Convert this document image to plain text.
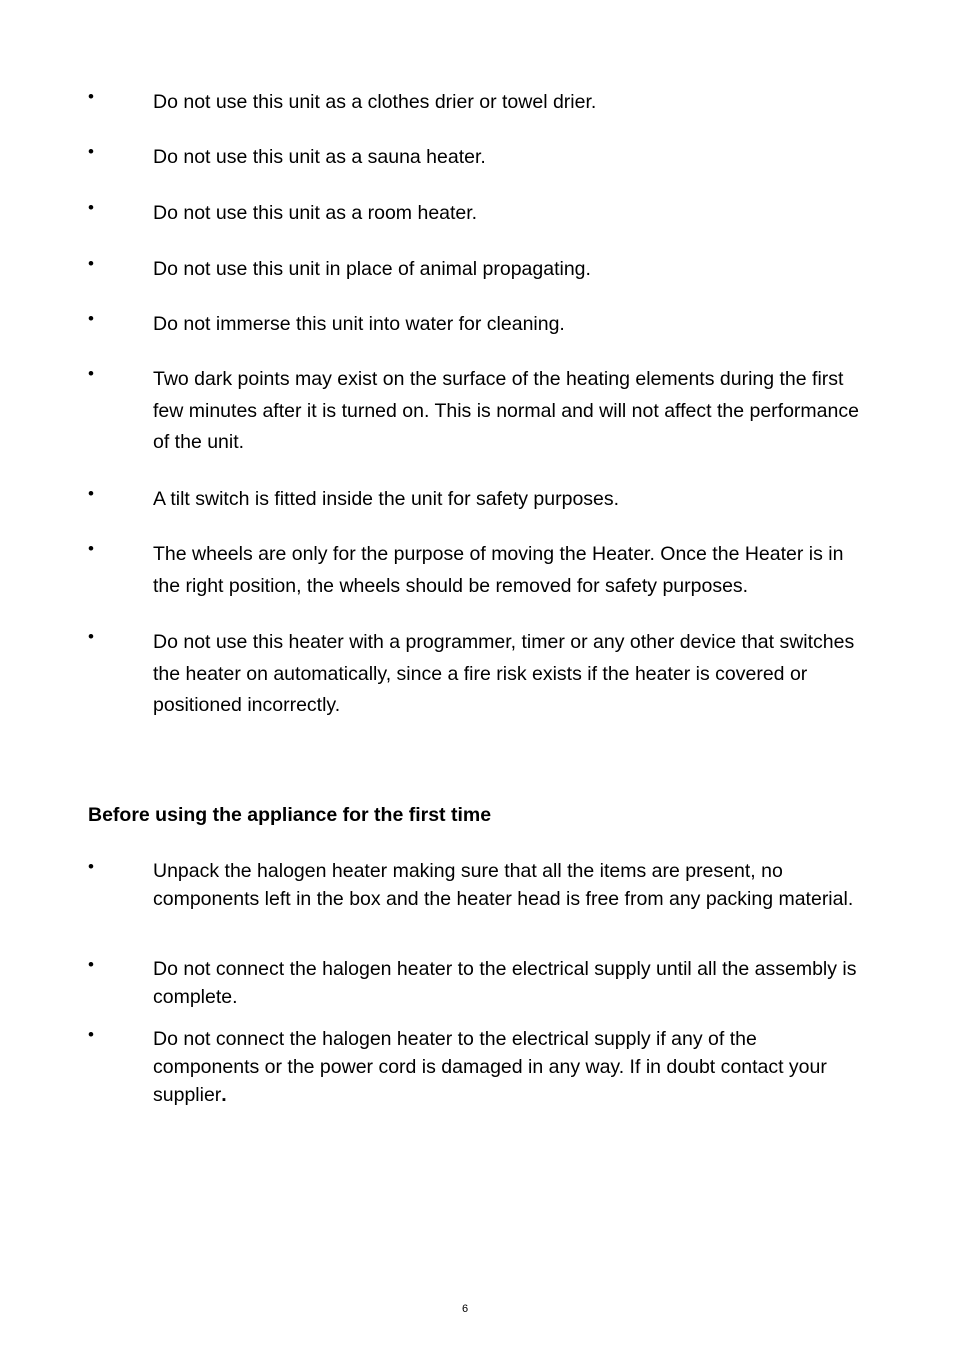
•	Do not use this unit as a clothes drier or towel drier.
•	Do not use this unit as a sauna heater.
•	Do not use this unit as a room heater.
•	Do not use this unit in place of animal propagating.
•	Do not immerse this unit into water for cleaning.
•	Two dark points may exist on the surface of the heating elements during the first few minutes after it is turned on. This is normal and will not affect the performance of the unit.
•	A tilt switch is fitted inside the unit for safety purposes.
•	The wheels are only for the purpose of moving the Heater. Once the Heater is in the right position, the wheels should be removed for safety purposes.
•	Do not use this heater with a programmer, timer or any other device that switches the heater on automatically, since a fire risk exists if the heater is covered or positioned incorrectly.
Before using the appliance for the first time
•	Unpack the halogen heater making sure that all the items are present, no components left in the box and the heater head is free from any packing material.
•	Do not connect the halogen heater to the electrical supply until all the assembly is complete.
•	Do not connect the halogen heater to the electrical supply if any of the components or the power cord is damaged in any way. If in doubt contact your supplier.
6
